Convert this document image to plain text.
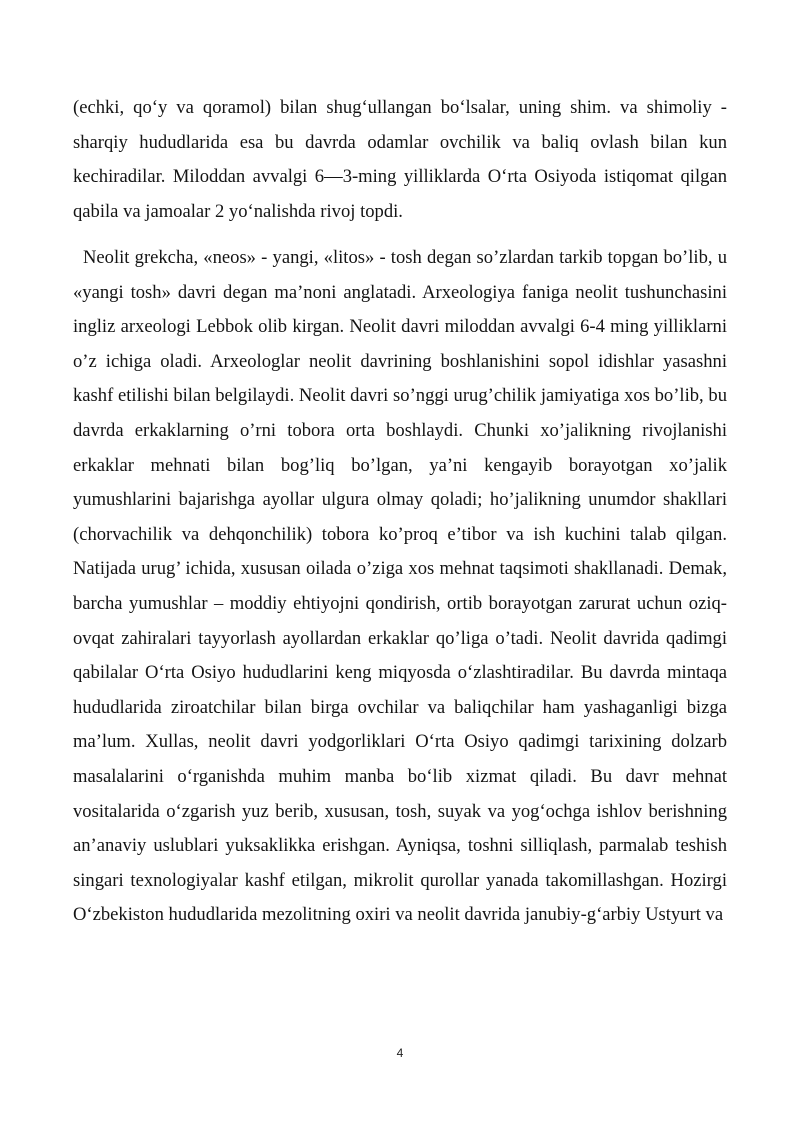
(echki, qo‘y va qoramol) bilan shug‘ullangan bo‘lsalar, uning shim. va shimoliy - sharqiy hududlarida esa bu davrda odamlar ovchilik va baliq ovlash bilan kun kechiradilar. Miloddan avvalgi 6—3-ming yilliklarda O‘rta Osiyoda istiqomat qilgan qabila va jamoalar 2 yo‘nalishda rivoj topdi.

Neolit grekcha, «neos» - yangi, «litos» - tosh degan so’zlardan tarkib topgan bo’lib, u «yangi tosh» davri degan ma’noni anglatadi. Arxeologiya faniga neolit tushunchasini ingliz arxeologi Lebbok olib kirgan. Neolit davri miloddan avvalgi 6-4 ming yilliklarni o’z ichiga oladi. Arxeologlar neolit davrining boshlanishini sopol idishlar yasashni kashf etilishi bilan belgilaydi. Neolit davri so’nggi urug’chilik jamiyatiga xos bo’lib, bu davrda erkaklarning o’rni tobora orta boshlaydi. Chunki xo’jalikning rivojlanishi erkaklar mehnati bilan bog’liq bo’lgan, ya’ni kengayib borayotgan xo’jalik yumushlarini bajarishga ayollar ulgura olmay qoladi; ho’jalikning unumdor shakllari (chorvachilik va dehqonchilik) tobora ko’proq e’tibor va ish kuchini talab qilgan. Natijada urug’ ichida, xususan oilada o’ziga xos mehnat taqsimoti shakllanadi. Demak, barcha yumushlar – moddiy ehtiyojni qondirish, ortib borayotgan zarurat uchun oziq-ovqat zahiralari tayyorlash ayollardan erkaklar qo’liga o’tadi. Neolit davrida qadimgi qabilalar O‘rta Osiyo hududlarini keng miqyosda o‘zlashtiradilar. Bu davrda mintaqa hududlarida ziroatchilar bilan birga ovchilar va baliqchilar ham yashaganligi bizga ma’lum. Xullas, neolit davri yodgorliklari O‘rta Osiyo qadimgi tarixining dolzarb masalalarini o‘rganishda muhim manba bo‘lib xizmat qiladi. Bu davr mehnat vositalarida o‘zgarish yuz berib, xususan, tosh, suyak va yog‘ochga ishlov berishning an’anaviy uslublari yuksaklikka erishgan. Ayniqsa, toshni silliqlash, parmalab teshish singari texnologiyalar kashf etilgan, mikrolit qurollar yanada takomillashgan. Hozirgi O‘zbekiston hududlarida mezolitning oxiri va neolit davrida janubiy-g‘arbiy Ustyurt va

4
